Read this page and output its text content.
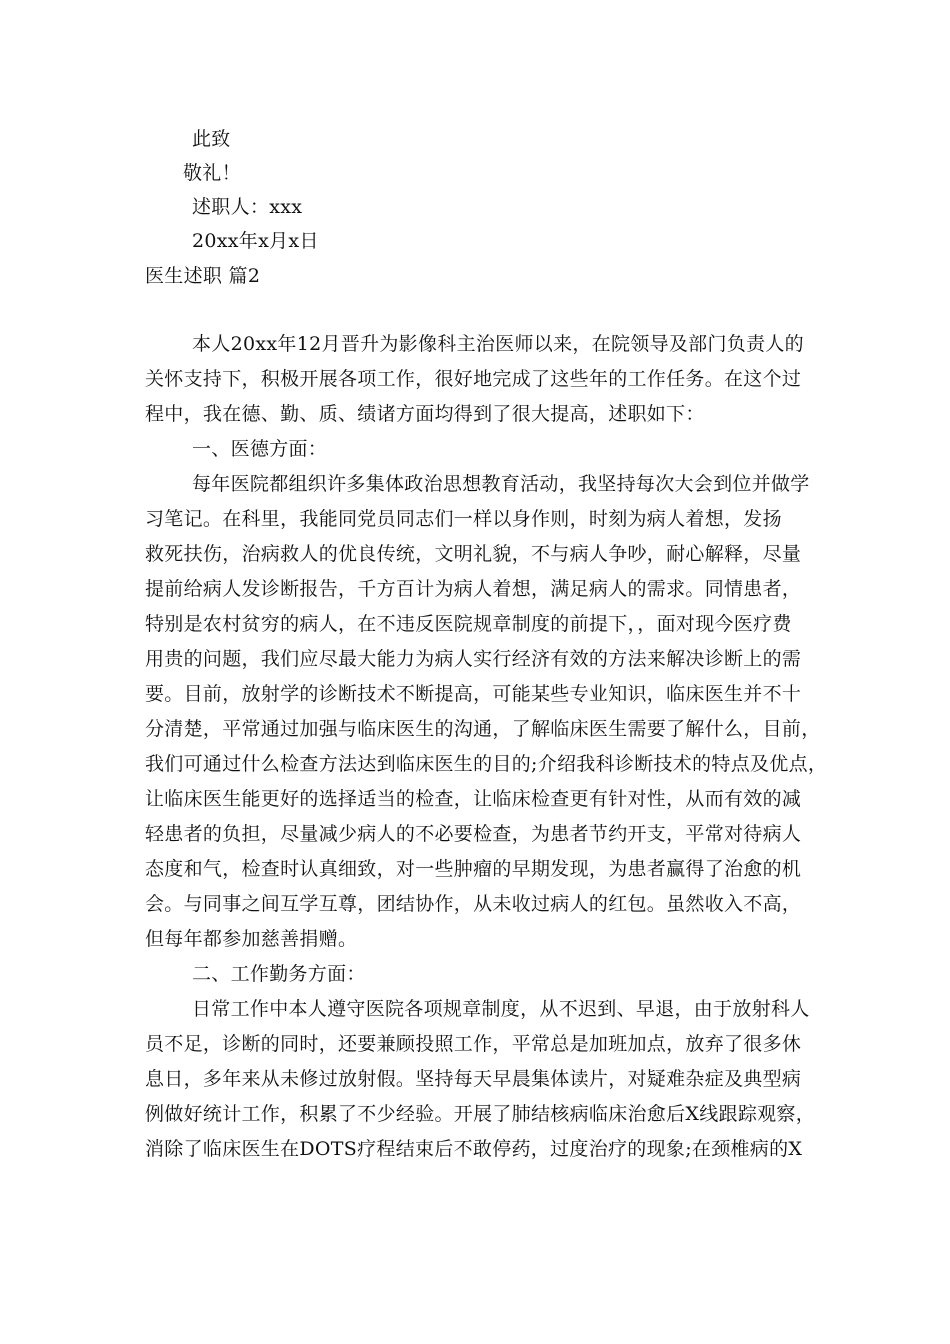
此致
敬礼！
述职人：xxx
20xx年x月x日
医生述职 篇2
本人20xx年12月晋升为影像科主治医师以来，在院领导及部门负责人的
关怀支持下，积极开展各项工作，很好地完成了这些年的工作任务。在这个过
程中，我在德、勤、质、绩诸方面均得到了很大提高，述职如下：
一、医德方面：
每年医院都组织许多集体政治思想教育活动，我坚持每次大会到位并做学
习笔记。在科里，我能同党员同志们一样以身作则，时刻为病人着想，发扬
救死扶伤，治病救人的优良传统，文明礼貌，不与病人争吵，耐心解释，尽量
提前给病人发诊断报告，千方百计为病人着想，满足病人的需求。同情患者，
特别是农村贫穷的病人，在不违反医院规章制度的前提下，，面对现今医疗费
用贵的问题，我们应尽最大能力为病人实行经济有效的方法来解决诊断上的需
要。目前，放射学的诊断技术不断提高，可能某些专业知识，临床医生并不十
分清楚，平常通过加强与临床医生的沟通，了解临床医生需要了解什么，目前，
我们可通过什么检查方法达到临床医生的目的;介绍我科诊断技术的特点及优点，
让临床医生能更好的选择适当的检查，让临床检查更有针对性，从而有效的减
轻患者的负担，尽量减少病人的不必要检查，为患者节约开支，平常对待病人
态度和气，检查时认真细致，对一些肿瘤的早期发现，为患者赢得了治愈的机
会。与同事之间互学互尊，团结协作，从未收过病人的红包。虽然收入不高，
但每年都参加慈善捐赠。
二、工作勤务方面：
日常工作中本人遵守医院各项规章制度，从不迟到、早退，由于放射科人
员不足，诊断的同时，还要兼顾投照工作，平常总是加班加点，放弃了很多休
息日，多年来从未修过放射假。坚持每天早晨集体读片，对疑难杂症及典型病
例做好统计工作，积累了不少经验。开展了肺结核病临床治愈后X线跟踪观察，
消除了临床医生在DOTS疗程结束后不敢停药，过度治疗的现象;在颈椎病的X
